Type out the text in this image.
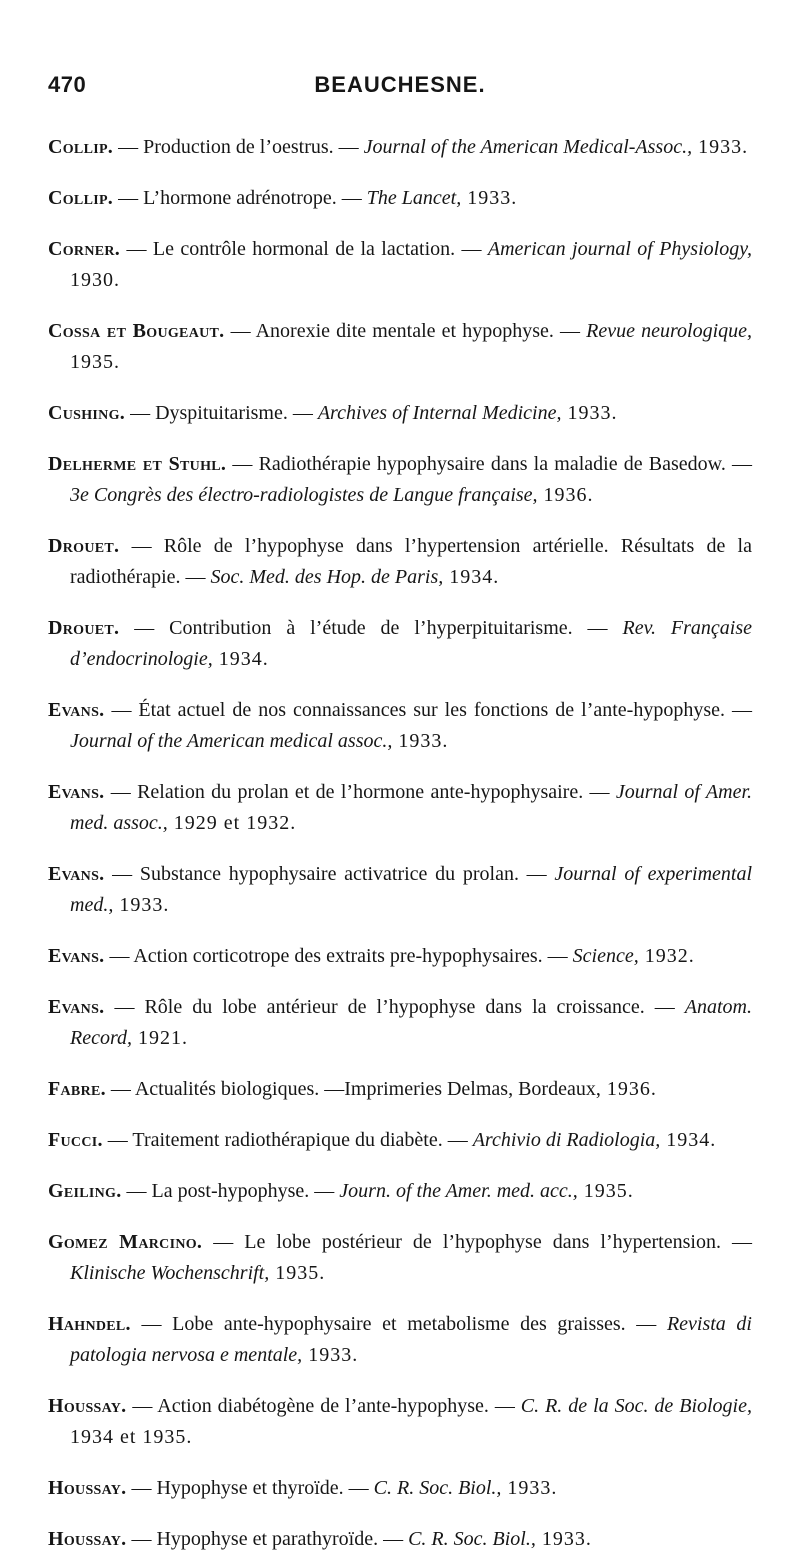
470	BEAUCHESNE.

Collip. — Production de l’oestrus. — Journal of the American Medical-Assoc., 1933.

Collip. — L’hormone adrénotrope. — The Lancet, 1933.

Corner. — Le contrôle hormonal de la lactation. — American journal of Physiology, 1930.

Cossa et Bougeaut. — Anorexie dite mentale et hypophyse. — Revue neurologique, 1935.

Cushing. — Dyspituitarisme. — Archives of Internal Medicine, 1933.

Delherme et Stuhl. — Radiothérapie hypophysaire dans la maladie de Basedow. — 3e Congrès des électro-radiologistes de Langue française, 1936.

Drouet. — Rôle de l’hypophyse dans l’hypertension artérielle. Résultats de la radiothérapie. — Soc. Med. des Hop. de Paris, 1934.

Drouet. — Contribution à l’étude de l’hyperpituitarisme. — Rev. Française d’endocrinologie, 1934.

Evans. — État actuel de nos connaissances sur les fonctions de l’ante-hypophyse. — Journal of the American medical assoc., 1933.

Evans. — Relation du prolan et de l’hormone ante-hypophysaire. — Journal of Amer. med. assoc., 1929 et 1932.

Evans. — Substance hypophysaire activatrice du prolan. — Journal of experimental med., 1933.

Evans. — Action corticotrope des extraits pre-hypophysaires. — Science, 1932.

Evans. — Rôle du lobe antérieur de l’hypophyse dans la croissance. — Anatom. Record, 1921.

Fabre. — Actualités biologiques. —Imprimeries Delmas, Bordeaux, 1936.

Fucci. — Traitement radiothérapique du diabète. — Archivio di Radiologia, 1934.

Geiling. — La post-hypophyse. — Journ. of the Amer. med. acc., 1935.

Gomez Marcino. — Le lobe postérieur de l’hypophyse dans l’hypertension. — Klinische Wochenschrift, 1935.

Hahndel. — Lobe ante-hypophysaire et metabolisme des graisses. — Revista di patologia nervosa e mentale, 1933.

Houssay. — Action diabétogène de l’ante-hypophyse. — C. R. de la Soc. de Biologie, 1934 et 1935.

Houssay. — Hypophyse et thyroïde. — C. R. Soc. Biol., 1933.

Houssay. — Hypophyse et parathyroïde. — C. R. Soc. Biol., 1933.
